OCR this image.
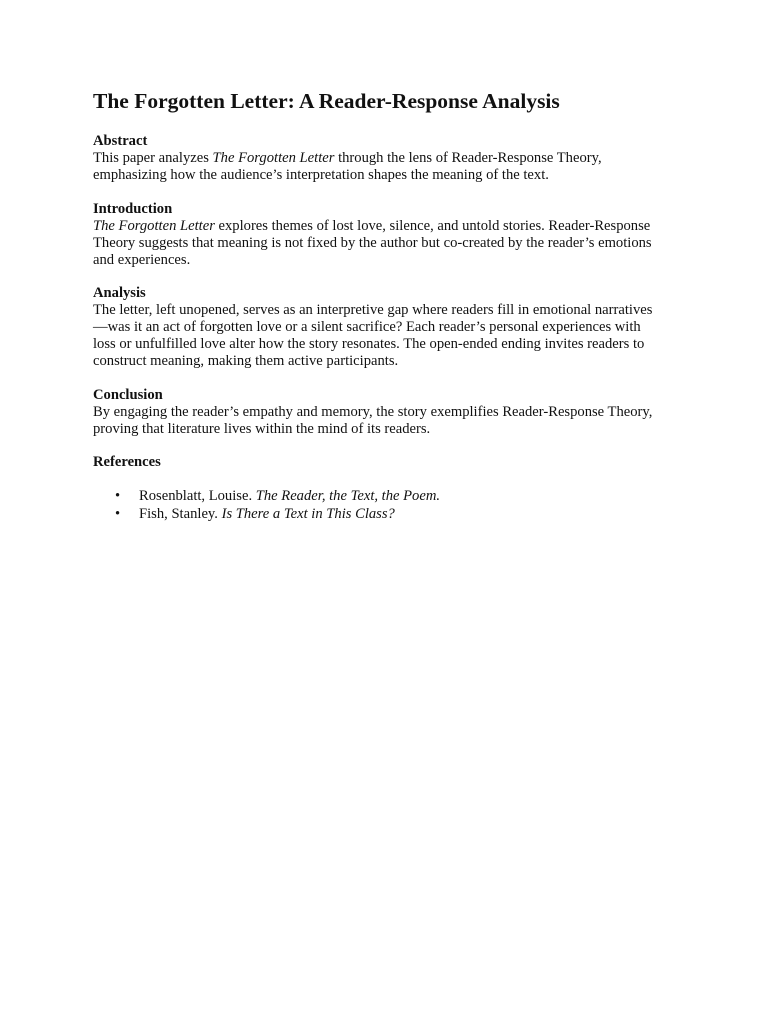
The Forgotten Letter: A Reader-Response Analysis

Abstract

This paper analyzes The Forgotten Letter through the lens of Reader-Response Theory, emphasizing how the audience’s interpretation shapes the meaning of the text.

Introduction

The Forgotten Letter explores themes of lost love, silence, and untold stories. Reader-Response Theory suggests that meaning is not fixed by the author but co-created by the reader’s emotions and experiences.

Analysis

The letter, left unopened, serves as an interpretive gap where readers fill in emotional narratives—was it an act of forgotten love or a silent sacrifice? Each reader’s personal experiences with loss or unfulfilled love alter how the story resonates. The open-ended ending invites readers to construct meaning, making them active participants.

Conclusion

By engaging the reader’s empathy and memory, the story exemplifies Reader-Response Theory, proving that literature lives within the mind of its readers.

References

• Rosenblatt, Louise. The Reader, the Text, the Poem.
• Fish, Stanley. Is There a Text in This Class?
